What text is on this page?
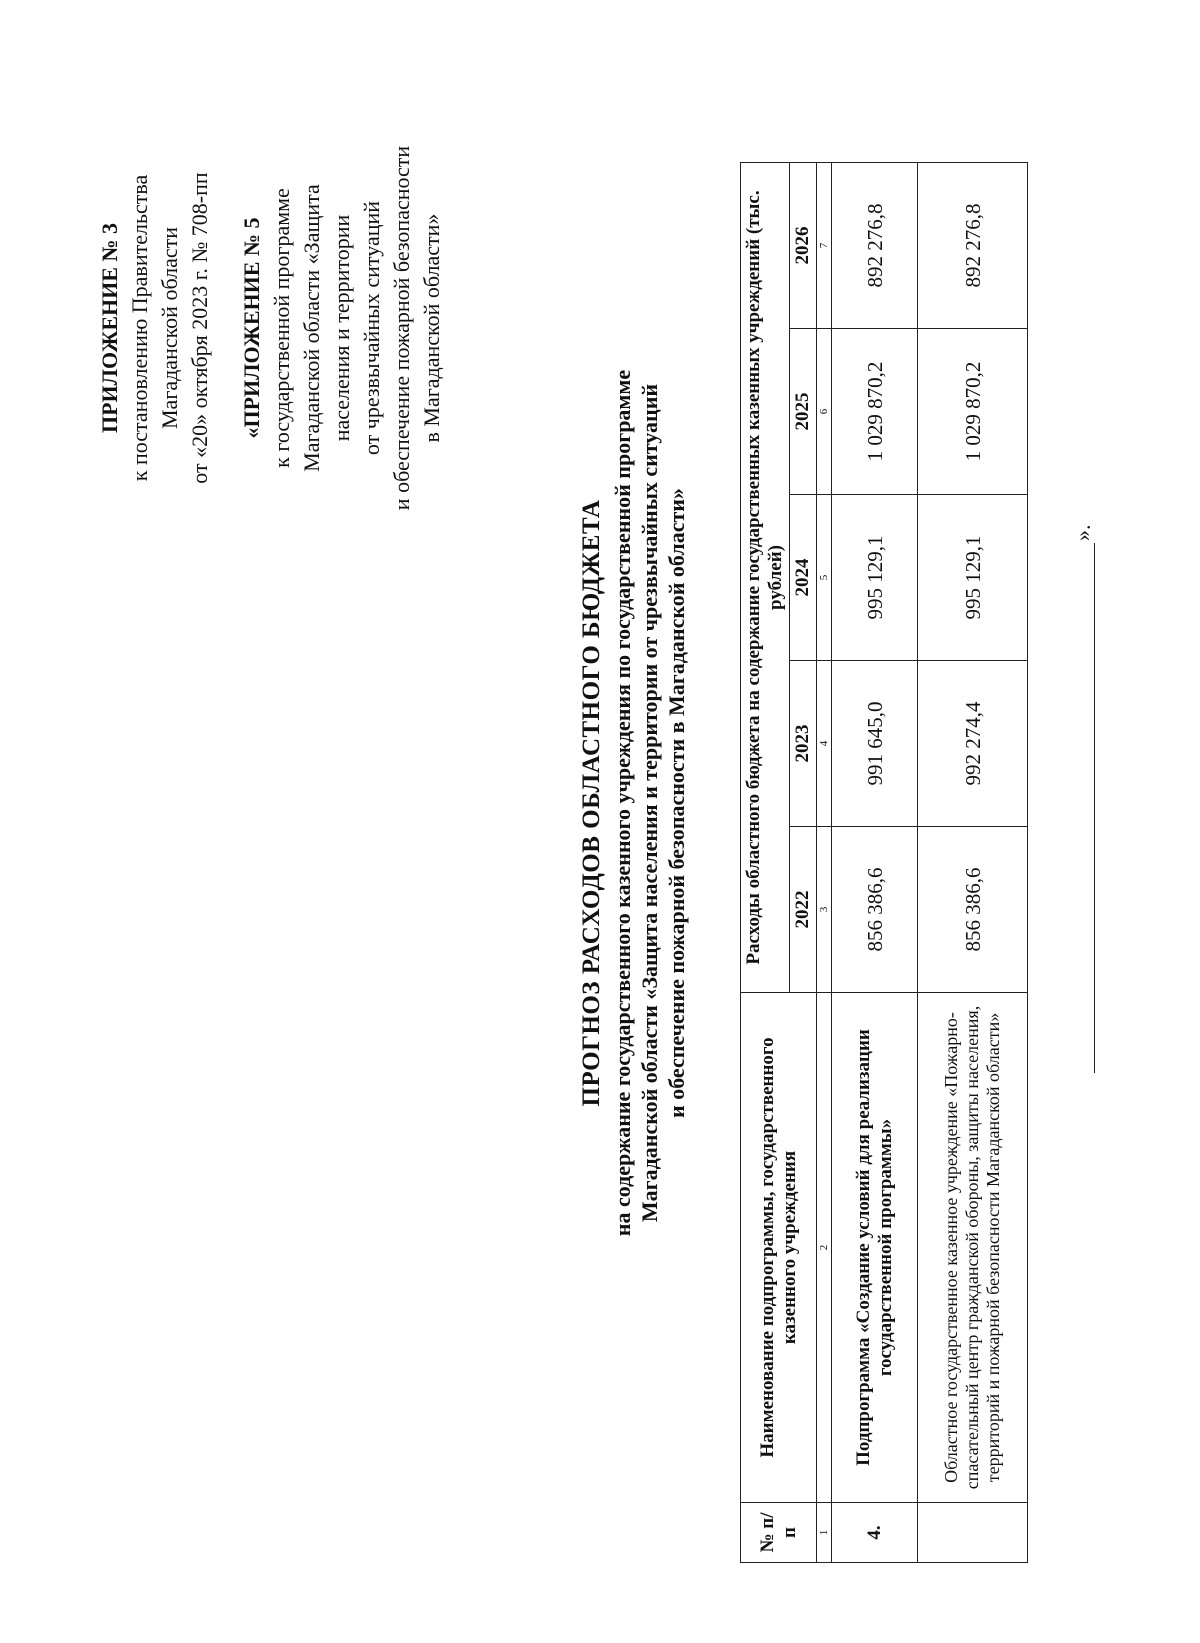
ПРИЛОЖЕНИЕ № 3 к постановлению Правительства Магаданской области от «20» октября 2023 г. № 708-пп «ПРИЛОЖЕНИЕ № 5 к государственной программе Магаданской области «Защита населения и территории от чрезвычайных ситуаций и обеспечение пожарной безопасности в Магаданской области»
ПРОГНОЗ РАСХОДОВ ОБЛАСТНОГО БЮДЖЕТА на содержание государственного казенного учреждения по государственной программе Магаданской области «Защита населения и территории от чрезвычайных ситуаций и обеспечение пожарной безопасности в Магаданской области»
№ п/п	Наименование подпрограммы, государственного казенного учреждения	Расходы областного бюджета на содержание государственных казенных учреждений (тыс. рублей)				
		2022	2023	2024	2025	2026
1	2	3	4	5	6	7
4.	Подпрограмма «Создание условий для реализации государственной программы»	856 386,6	991 645,0	995 129,1	1 029 870,2	892 276,8
	Областное государственное казенное учреждение «Пожарно-спасательный центр гражданской обороны, защиты населения, территорий и пожарной безопасности Магаданской области»	856 386,6	992 274,4	995 129,1	1 029 870,2	892 276,8
».
